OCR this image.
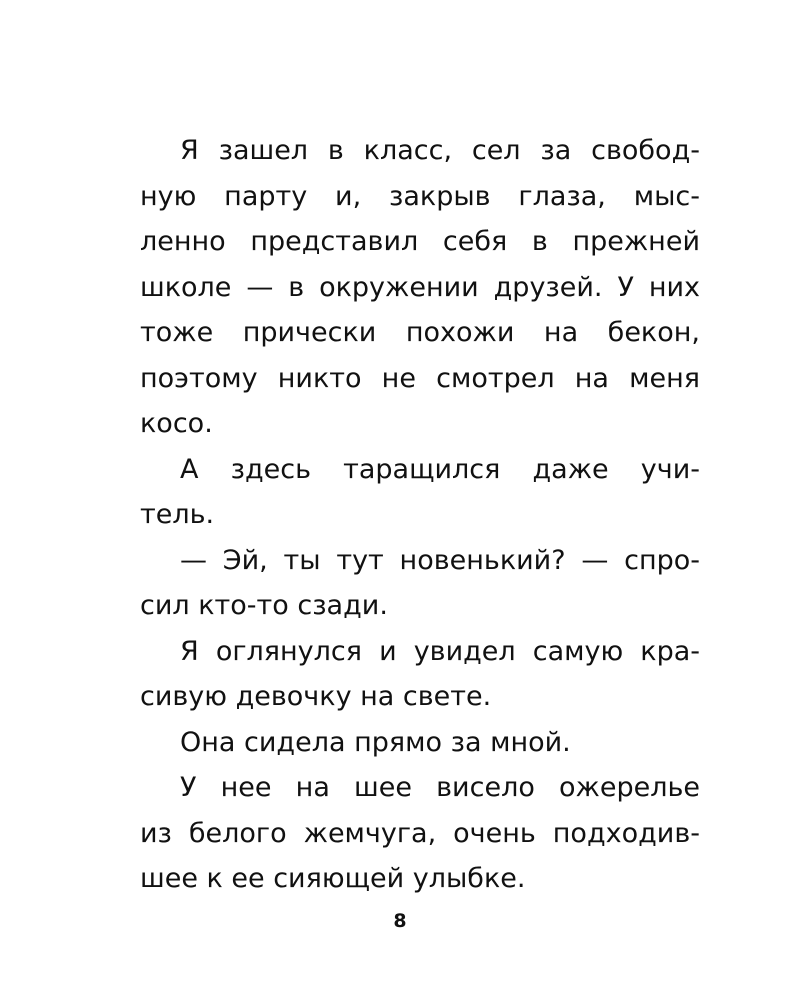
Я зашел в класс, сел за свобод-
ную парту и, закрыв глаза, мыс-
ленно представил себя в прежней
школе — в окружении друзей. У них
тоже прически похожи на бекон,
поэтому никто не смотрел на меня
косо.
А здесь таращился даже учи-
тель.
— Эй, ты тут новенький? — спро-
сил кто-то сзади.
Я оглянулся и увидел самую кра-
сивую девочку на свете.
Она сидела прямо за мной.
У нее на шее висело ожерелье
из белого жемчуга, очень подходив-
шее к ее сияющей улыбке.
8
